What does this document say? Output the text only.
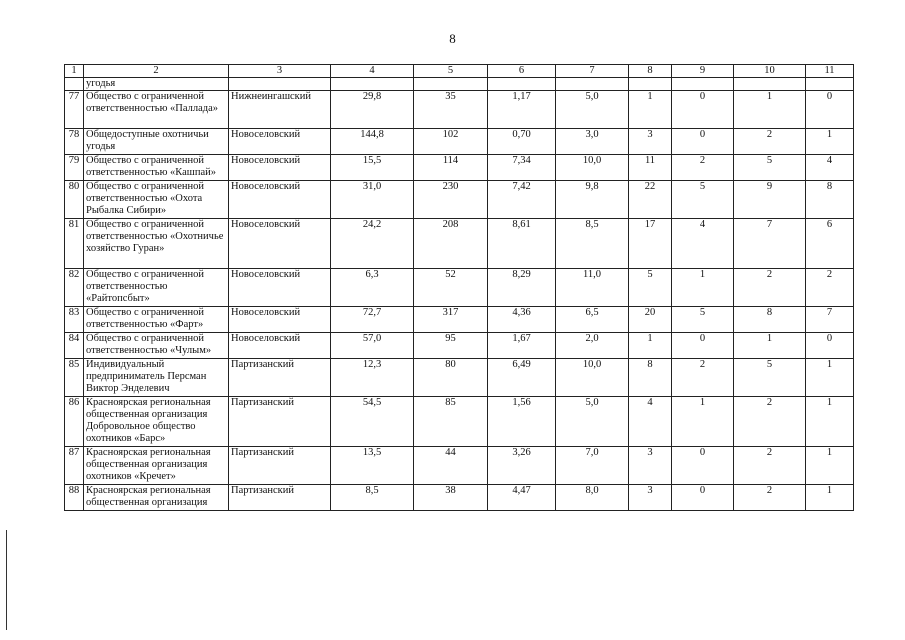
8
1	2	3	4	5	6	7	8	9	10	11
	угодья									
77	Общество с ограниченной ответственностью «Паллада»	Нижнеингашский	29,8	35	1,17	5,0	1	0	1	0
78	Общедоступные охотничьи угодья	Новоселовский	144,8	102	0,70	3,0	3	0	2	1
79	Общество с ограниченной ответственностью «Кашпай»	Новоселовский	15,5	114	7,34	10,0	11	2	5	4
80	Общество с ограниченной ответственностью «Охота Рыбалка Сибири»	Новоселовский	31,0	230	7,42	9,8	22	5	9	8
81	Общество с ограниченной ответственностью «Охотничье хозяйство Гуран»	Новоселовский	24,2	208	8,61	8,5	17	4	7	6
82	Общество с ограниченной ответственностью «Райтопсбыт»	Новоселовский	6,3	52	8,29	11,0	5	1	2	2
83	Общество с ограниченной ответственностью «Фарт»	Новоселовский	72,7	317	4,36	6,5	20	5	8	7
84	Общество с ограниченной ответственностью «Чулым»	Новоселовский	57,0	95	1,67	2,0	1	0	1	0
85	Индивидуальный предприниматель Персман Виктор Энделевич	Партизанский	12,3	80	6,49	10,0	8	2	5	1
86	Красноярская региональная общественная организация Добровольное общество охотников «Барс»	Партизанский	54,5	85	1,56	5,0	4	1	2	1
87	Красноярская региональная общественная организация охотников «Кречет»	Партизанский	13,5	44	3,26	7,0	3	0	2	1
88	Красноярская региональная общественная организация	Партизанский	8,5	38	4,47	8,0	3	0	2	1
